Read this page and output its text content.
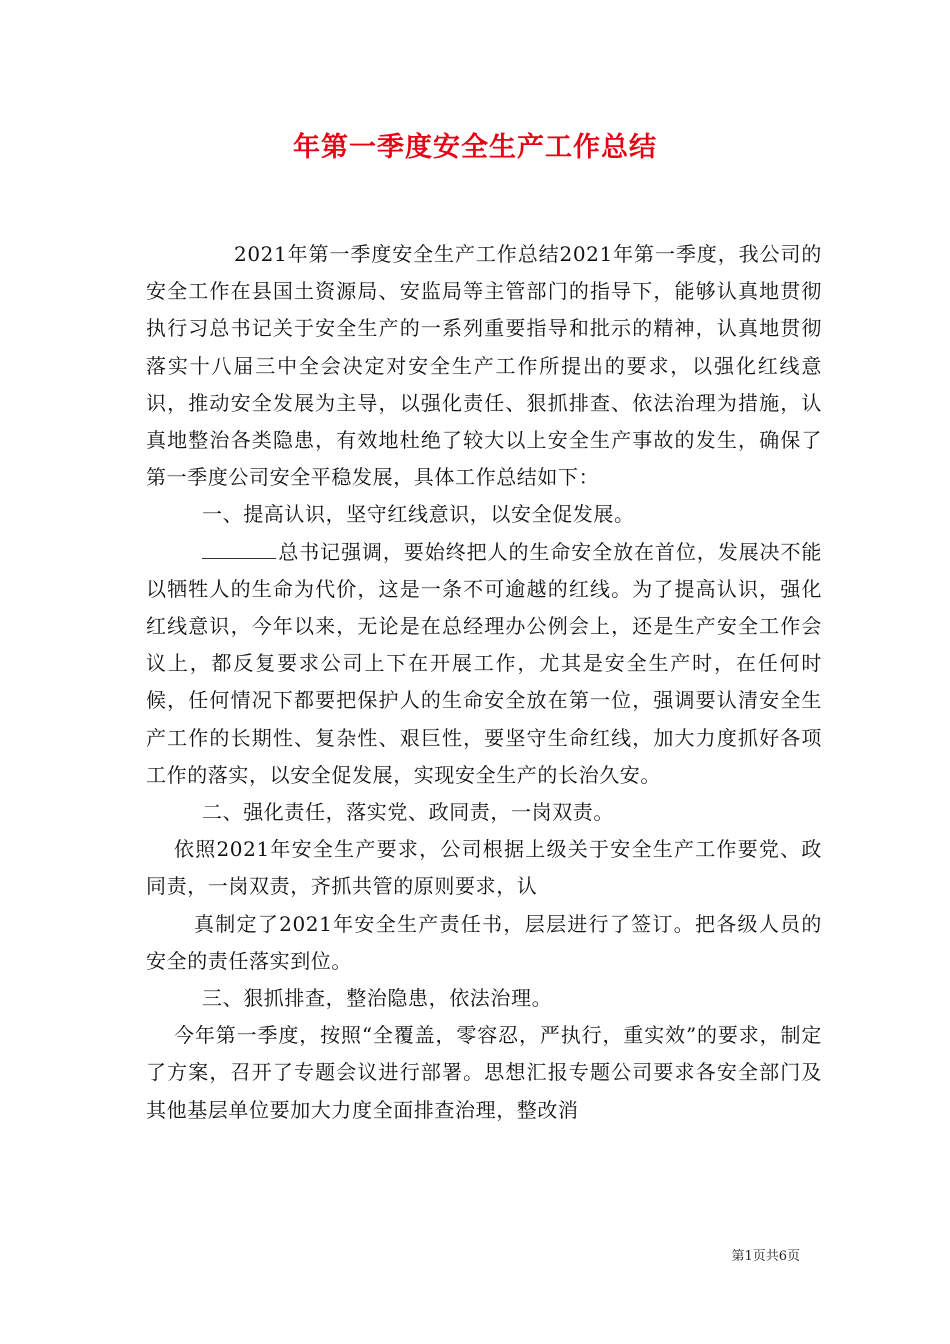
年第一季度安全生产工作总结

2021年第一季度安全生产工作总结2021年第一季度，我公司的安全工作在县国土资源局、安监局等主管部门的指导下，能够认真地贯彻执行习总书记关于安全生产的一系列重要指导和批示的精神，认真地贯彻落实十八届三中全会决定对安全生产工作所提出的要求，以强化红线意识，推动安全发展为主导，以强化责任、狠抓排查、依法治理为措施，认真地整治各类隐患，有效地杜绝了较大以上安全生产事故的发生，确保了第一季度公司安全平稳发展，具体工作总结如下：

一、提高认识，坚守红线意识，以安全促发展。

总书记强调，要始终把人的生命安全放在首位，发展决不能以牺牲人的生命为代价，这是一条不可逾越的红线。为了提高认识，强化红线意识，今年以来，无论是在总经理办公例会上，还是生产安全工作会议上，都反复要求公司上下在开展工作，尤其是安全生产时，在任何时候，任何情况下都要把保护人的生命安全放在第一位，强调要认清安全生产工作的长期性、复杂性、艰巨性，要坚守生命红线，加大力度抓好各项工作的落实，以安全促发展，实现安全生产的长治久安。

二、强化责任，落实党、政同责，一岗双责。

依照2021年安全生产要求，公司根据上级关于安全生产工作要党、政同责，一岗双责，齐抓共管的原则要求，认

真制定了2021年安全生产责任书，层层进行了签订。把各级人员的安全的责任落实到位。

三、狠抓排查，整治隐患，依法治理。

今年第一季度，按照“全覆盖，零容忍，严执行，重实效”的要求，制定了方案，召开了专题会议进行部署。思想汇报专题公司要求各安全部门及其他基层单位要加大力度全面排查治理，整改消

第1页共6页
